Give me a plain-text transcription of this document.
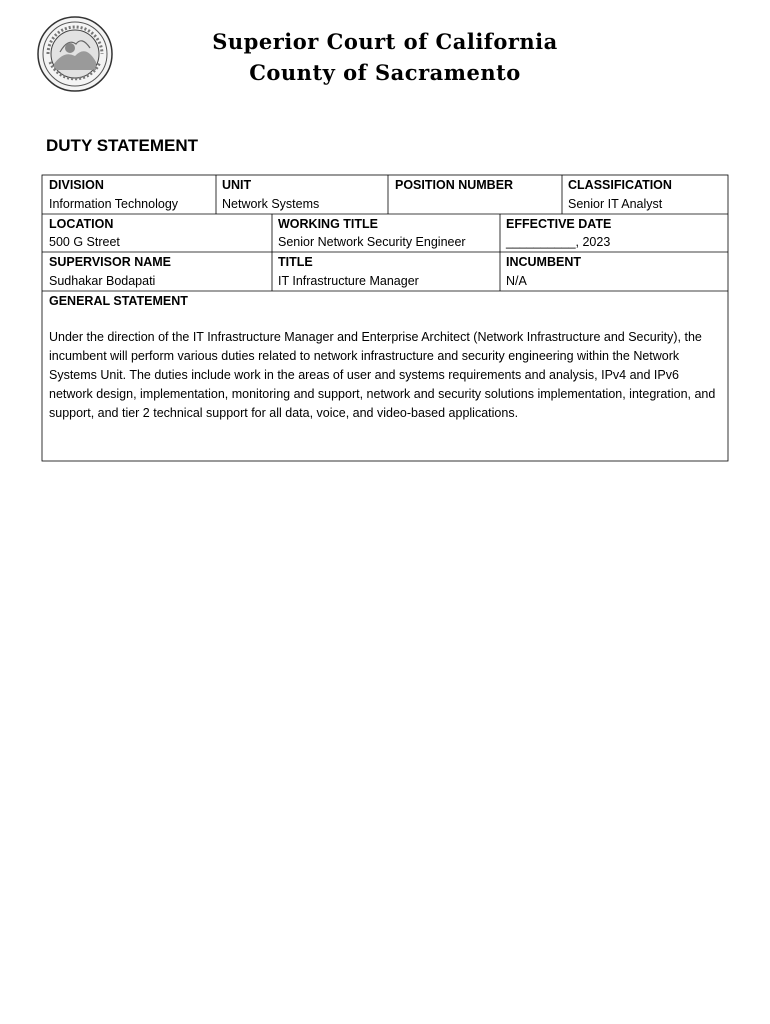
Superior Court of California
County of Sacramento
DUTY STATEMENT
DIVISION
Information Technology
UNIT
Network Systems
POSITION NUMBER	CLASSIFICATION
Senior IT Analyst
LOCATION
500 G Street
WORKING TITLE
Senior Network Security Engineer
EFFECTIVE DATE
__________, 2023
SUPERVISOR NAME
Sudhakar Bodapati
TITLE
IT Infrastructure Manager
INCUMBENT
N/A
GENERAL STATEMENT
Under the direction of the IT Infrastructure Manager and Enterprise Architect (Network Infrastructure and Security), the incumbent will perform various duties related to network infrastructure and security engineering within the Network Systems Unit. The duties include work in the areas of user and systems requirements and analysis, IPv4 and IPv6 network design, implementation, monitoring and support, network and security solutions implementation, integration, and support, and tier 2 technical support for all data, voice, and video-based applications.
